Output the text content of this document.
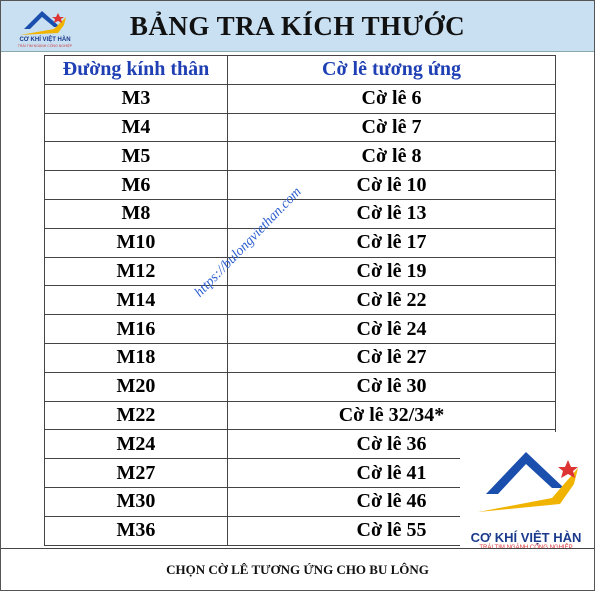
BẢNG TRA KÍCH THƯỚC
CƠ KHÍ VIỆT HÀN
TRÁI TIM NGÀNH CÔNG NGHIỆP
Đường kính thân	Cờ lê tương ứng
M3	Cờ lê 6
M4	Cờ lê 7
M5	Cờ lê 8
M6	Cờ lê 10
M8	Cờ lê 13
M10	Cờ lê 17
M12	Cờ lê 19
M14	Cờ lê 22
M16	Cờ lê 24
M18	Cờ lê 27
M20	Cờ lê 30
M22	Cờ lê 32/34*
M24	Cờ lê 36
M27	Cờ lê 41
M30	Cờ lê 46
M36	Cờ lê 55
https://bulongviethan.com
CƠ KHÍ VIỆT HÀN
TRÁI TIM NGÀNH CÔNG NGHIỆP
CHỌN CỜ LÊ TƯƠNG ỨNG CHO BU LÔNG
